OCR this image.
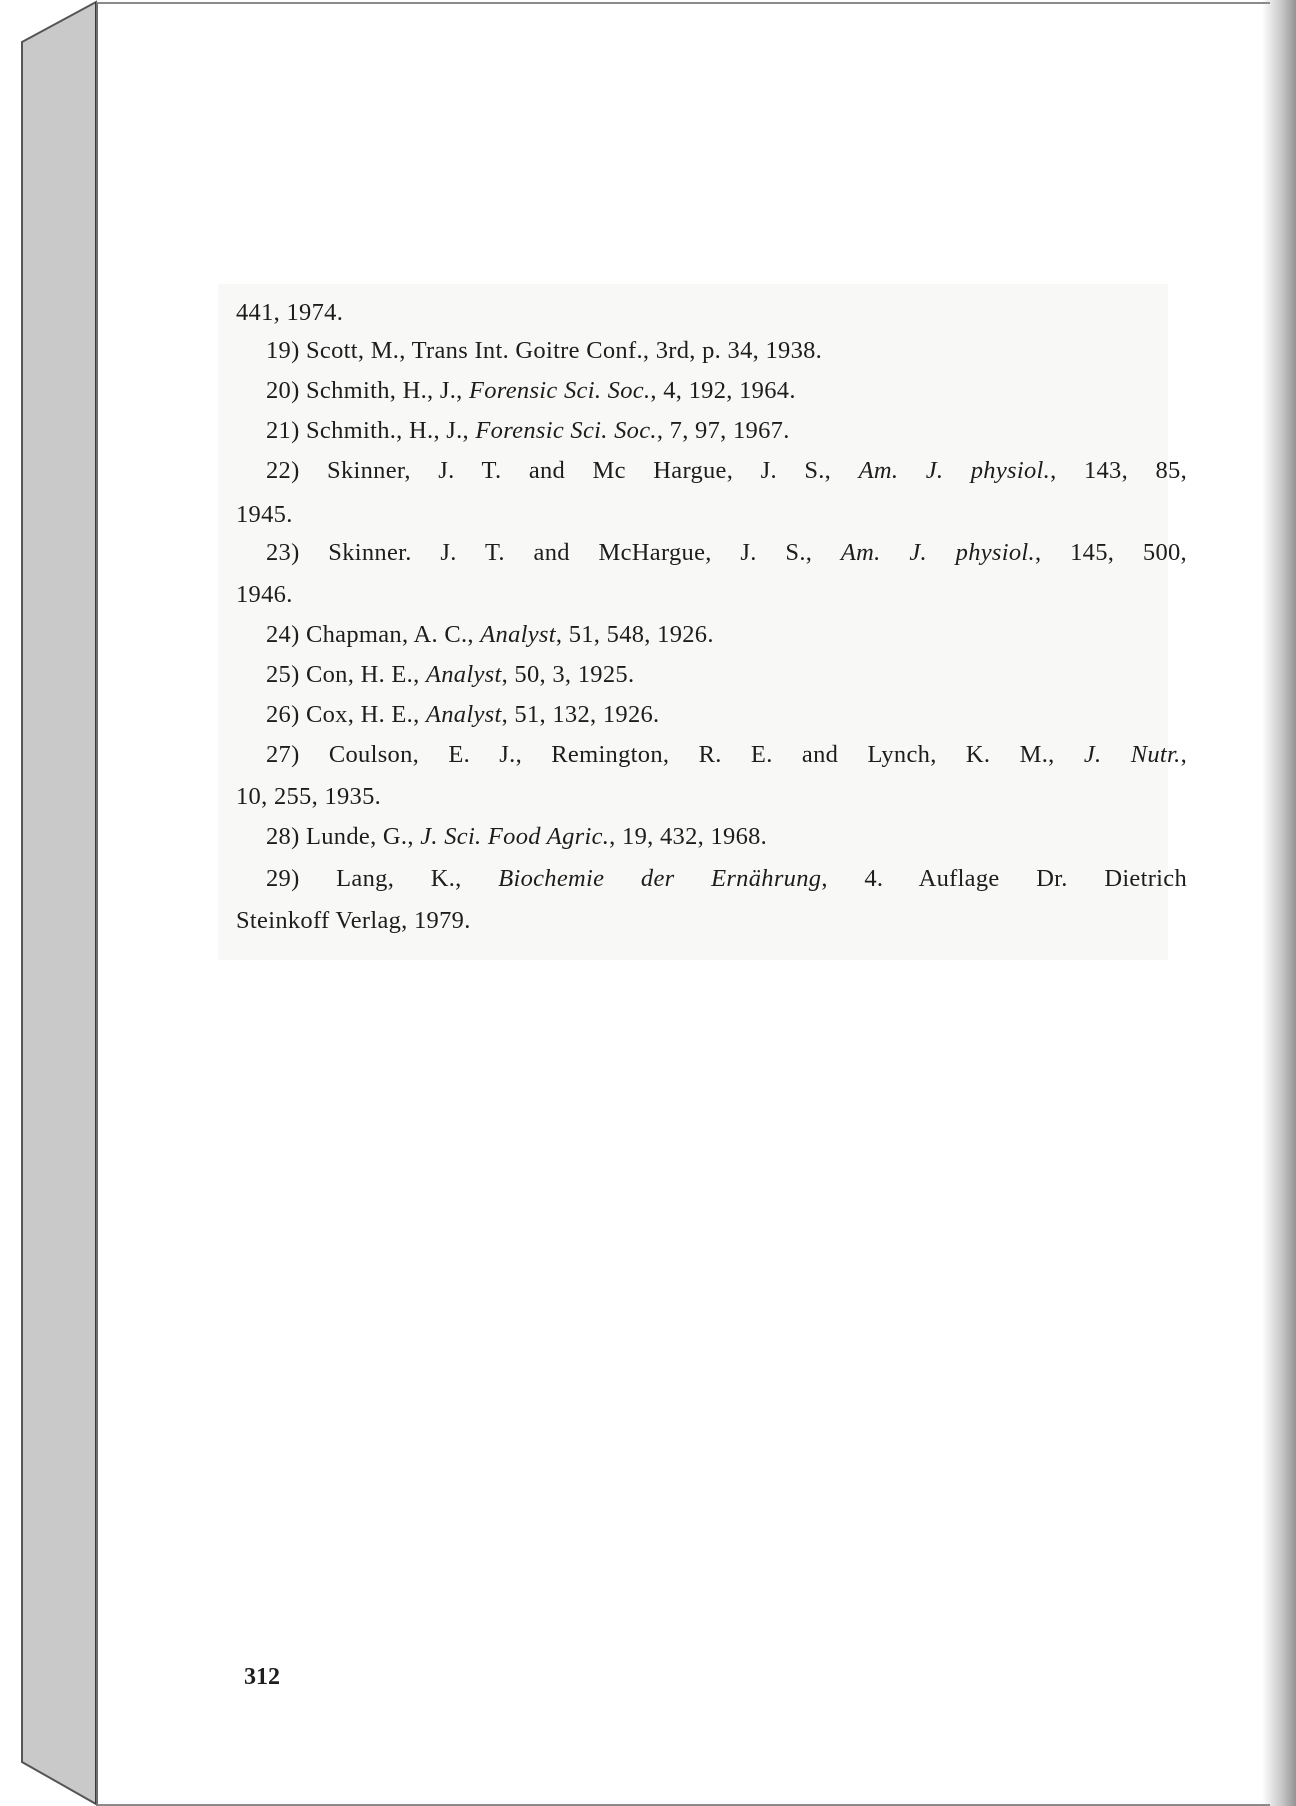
441, 1974.
19) Scott, M., Trans Int. Goitre Conf., 3rd, p. 34, 1938.
20) Schmith, H., J., Forensic Sci. Soc., 4, 192, 1964.
21) Schmith., H., J., Forensic Sci. Soc., 7, 97, 1967.
22) Skinner, J. T. and Mc Hargue, J. S., Am. J. physiol., 143, 85,
1945.
23) Skinner. J. T. and McHargue, J. S., Am. J. physiol., 145, 500,
1946.
24) Chapman, A. C., Analyst, 51, 548, 1926.
25) Con, H. E., Analyst, 50, 3, 1925.
26) Cox, H. E., Analyst, 51, 132, 1926.
27) Coulson, E. J., Remington, R. E. and Lynch, K. M., J. Nutr.,
10, 255, 1935.
28) Lunde, G., J. Sci. Food Agric., 19, 432, 1968.
29) Lang, K., Biochemie der Ernährung, 4. Auflage Dr. Dietrich
Steinkoff Verlag, 1979.
312
